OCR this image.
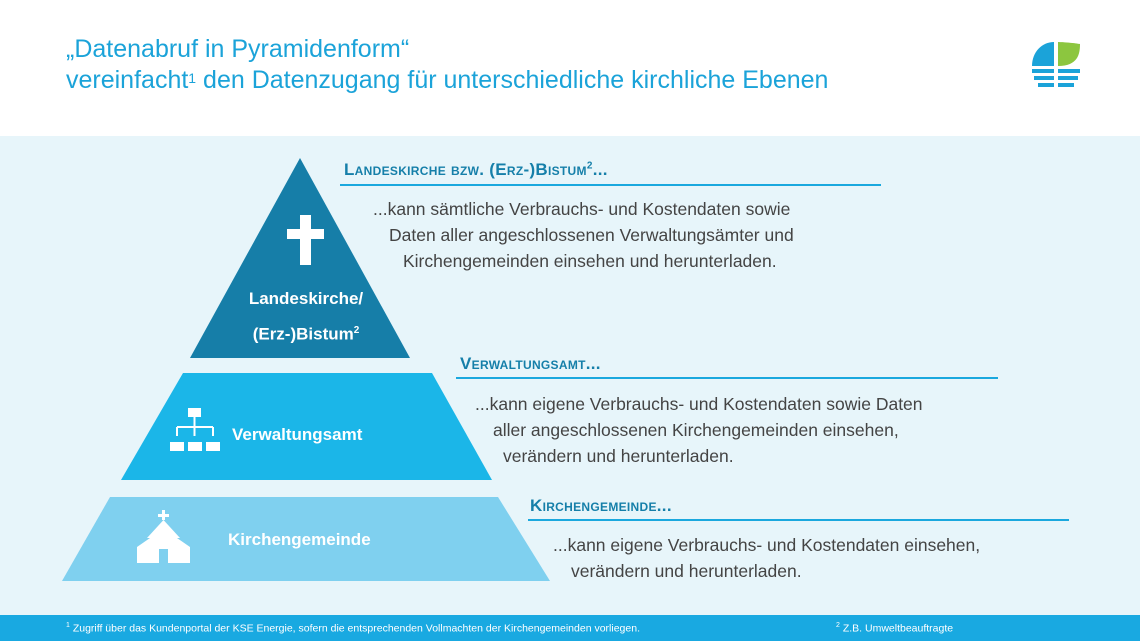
„Datenabruf in Pyramidenform“
vereinfacht$^1$ den Datenzugang für unterschiedliche kirchliche Ebenen
Landeskirche/
(Erz-)Bistum$^2$
Verwaltungsamt
Kirchengemeinde
Landeskirche bzw. (Erz-)Bistum$^2$...
...kann sämtliche Verbrauchs- und Kostendaten sowie
Daten aller angeschlossenen Verwaltungsämter und
Kirchengemeinden einsehen und herunterladen.
Verwaltungsamt...
...kann eigene Verbrauchs- und Kostendaten sowie Daten
aller angeschlossenen Kirchengemeinden einsehen,
verändern und herunterladen.
Kirchengemeinde...
...kann eigene Verbrauchs- und Kostendaten einsehen,
verändern und herunterladen.
$^1$ Zugriff über das Kundenportal der KSE Energie, sofern die entsprechenden Vollmachten der Kirchengemeinden vorliegen.	$^2$ Z.B. Umweltbeauftragte
